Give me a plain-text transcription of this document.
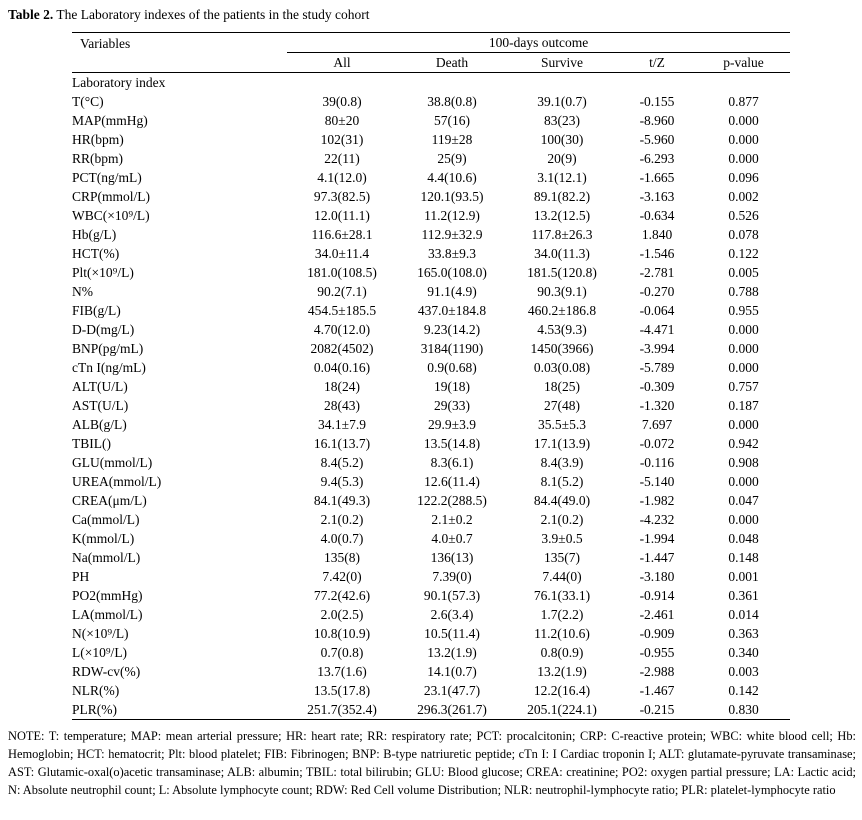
Table 2. The Laboratory indexes of the patients in the study cohort
Variables	100-days outcome				

	All	Death	Survive	t/Z	p-value
Laboratory index					
T(°C)	39(0.8)	38.8(0.8)	39.1(0.7)	-0.155	0.877
MAP(mmHg)	80±20	57(16)	83(23)	-8.960	0.000
HR(bpm)	102(31)	119±28	100(30)	-5.960	0.000
RR(bpm)	22(11)	25(9)	20(9)	-6.293	0.000
PCT(ng/mL)	4.1(12.0)	4.4(10.6)	3.1(12.1)	-1.665	0.096
CRP(mmol/L)	97.3(82.5)	120.1(93.5)	89.1(82.2)	-3.163	0.002
WBC(×10⁹/L)	12.0(11.1)	11.2(12.9)	13.2(12.5)	-0.634	0.526
Hb(g/L)	116.6±28.1	112.9±32.9	117.8±26.3	1.840	0.078
HCT(%)	34.0±11.4	33.8±9.3	34.0(11.3)	-1.546	0.122
Plt(×10⁹/L)	181.0(108.5)	165.0(108.0)	181.5(120.8)	-2.781	0.005
N%	90.2(7.1)	91.1(4.9)	90.3(9.1)	-0.270	0.788
FIB(g/L)	454.5±185.5	437.0±184.8	460.2±186.8	-0.064	0.955
D-D(mg/L)	4.70(12.0)	9.23(14.2)	4.53(9.3)	-4.471	0.000
BNP(pg/mL)	2082(4502)	3184(1190)	1450(3966)	-3.994	0.000
cTn I(ng/mL)	0.04(0.16)	0.9(0.68)	0.03(0.08)	-5.789	0.000
ALT(U/L)	18(24)	19(18)	18(25)	-0.309	0.757
AST(U/L)	28(43)	29(33)	27(48)	-1.320	0.187
ALB(g/L)	34.1±7.9	29.9±3.9	35.5±5.3	7.697	0.000
TBIL()	16.1(13.7)	13.5(14.8)	17.1(13.9)	-0.072	0.942
GLU(mmol/L)	8.4(5.2)	8.3(6.1)	8.4(3.9)	-0.116	0.908
UREA(mmol/L)	9.4(5.3)	12.6(11.4)	8.1(5.2)	-5.140	0.000
CREA(μm/L)	84.1(49.3)	122.2(288.5)	84.4(49.0)	-1.982	0.047
Ca(mmol/L)	2.1(0.2)	2.1±0.2	2.1(0.2)	-4.232	0.000
K(mmol/L)	4.0(0.7)	4.0±0.7	3.9±0.5	-1.994	0.048
Na(mmol/L)	135(8)	136(13)	135(7)	-1.447	0.148
PH	7.42(0)	7.39(0)	7.44(0)	-3.180	0.001
PO2(mmHg)	77.2(42.6)	90.1(57.3)	76.1(33.1)	-0.914	0.361
LA(mmol/L)	2.0(2.5)	2.6(3.4)	1.7(2.2)	-2.461	0.014
N(×10⁹/L)	10.8(10.9)	10.5(11.4)	11.2(10.6)	-0.909	0.363
L(×10⁹/L)	0.7(0.8)	13.2(1.9)	0.8(0.9)	-0.955	0.340
RDW-cv(%)	13.7(1.6)	14.1(0.7)	13.2(1.9)	-2.988	0.003
NLR(%)	13.5(17.8)	23.1(47.7)	12.2(16.4)	-1.467	0.142
PLR(%)	251.7(352.4)	296.3(261.7)	205.1(224.1)	-0.215	0.830
NOTE: T: temperature; MAP: mean arterial pressure; HR: heart rate; RR: respiratory rate; PCT: procalcitonin; CRP: C-reactive protein; WBC: white blood cell; Hb: Hemoglobin; HCT: hematocrit; Plt: blood platelet; FIB: Fibrinogen; BNP: B-type natriuretic peptide; cTn I: I Cardiac troponin I; ALT: glutamate-pyruvate transaminase; AST: Glutamic-oxal(o)acetic transaminase; ALB: albumin; TBIL: total bilirubin; GLU: Blood glucose; CREA: creatinine; PO2: oxygen partial pressure; LA: Lactic acid; N: Absolute neutrophil count; L: Absolute lymphocyte count; RDW: Red Cell volume Distribution; NLR: neutrophil-lymphocyte ratio; PLR: platelet-lymphocyte ratio
